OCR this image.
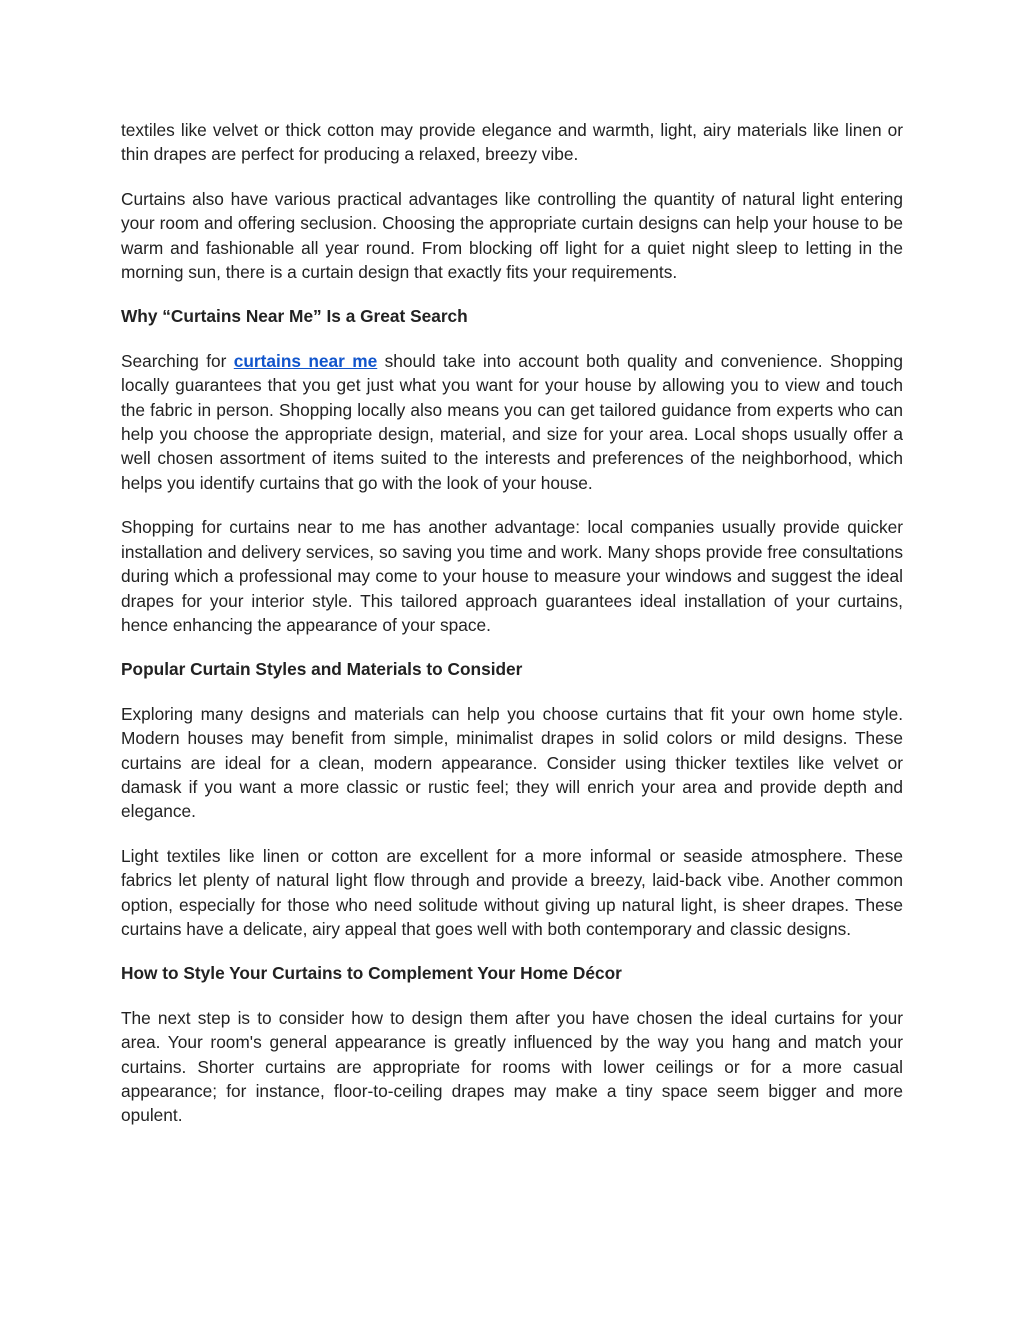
textiles like velvet or thick cotton may provide elegance and warmth, light, airy materials like linen or thin drapes are perfect for producing a relaxed, breezy vibe.

Curtains also have various practical advantages like controlling the quantity of natural light entering your room and offering seclusion. Choosing the appropriate curtain designs can help your house to be warm and fashionable all year round. From blocking off light for a quiet night sleep to letting in the morning sun, there is a curtain design that exactly fits your requirements.

Why “Curtains Near Me” Is a Great Search

Searching for curtains near me should take into account both quality and convenience. Shopping locally guarantees that you get just what you want for your house by allowing you to view and touch the fabric in person. Shopping locally also means you can get tailored guidance from experts who can help you choose the appropriate design, material, and size for your area. Local shops usually offer a well chosen assortment of items suited to the interests and preferences of the neighborhood, which helps you identify curtains that go with the look of your house.

Shopping for curtains near to me has another advantage: local companies usually provide quicker installation and delivery services, so saving you time and work. Many shops provide free consultations during which a professional may come to your house to measure your windows and suggest the ideal drapes for your interior style. This tailored approach guarantees ideal installation of your curtains, hence enhancing the appearance of your space.

Popular Curtain Styles and Materials to Consider

Exploring many designs and materials can help you choose curtains that fit your own home style. Modern houses may benefit from simple, minimalist drapes in solid colors or mild designs. These curtains are ideal for a clean, modern appearance. Consider using thicker textiles like velvet or damask if you want a more classic or rustic feel; they will enrich your area and provide depth and elegance.

Light textiles like linen or cotton are excellent for a more informal or seaside atmosphere. These fabrics let plenty of natural light flow through and provide a breezy, laid-back vibe. Another common option, especially for those who need solitude without giving up natural light, is sheer drapes. These curtains have a delicate, airy appeal that goes well with both contemporary and classic designs.

How to Style Your Curtains to Complement Your Home Décor

The next step is to consider how to design them after you have chosen the ideal curtains for your area. Your room's general appearance is greatly influenced by the way you hang and match your curtains. Shorter curtains are appropriate for rooms with lower ceilings or for a more casual appearance; for instance, floor-to-ceiling drapes may make a tiny space seem bigger and more opulent.
